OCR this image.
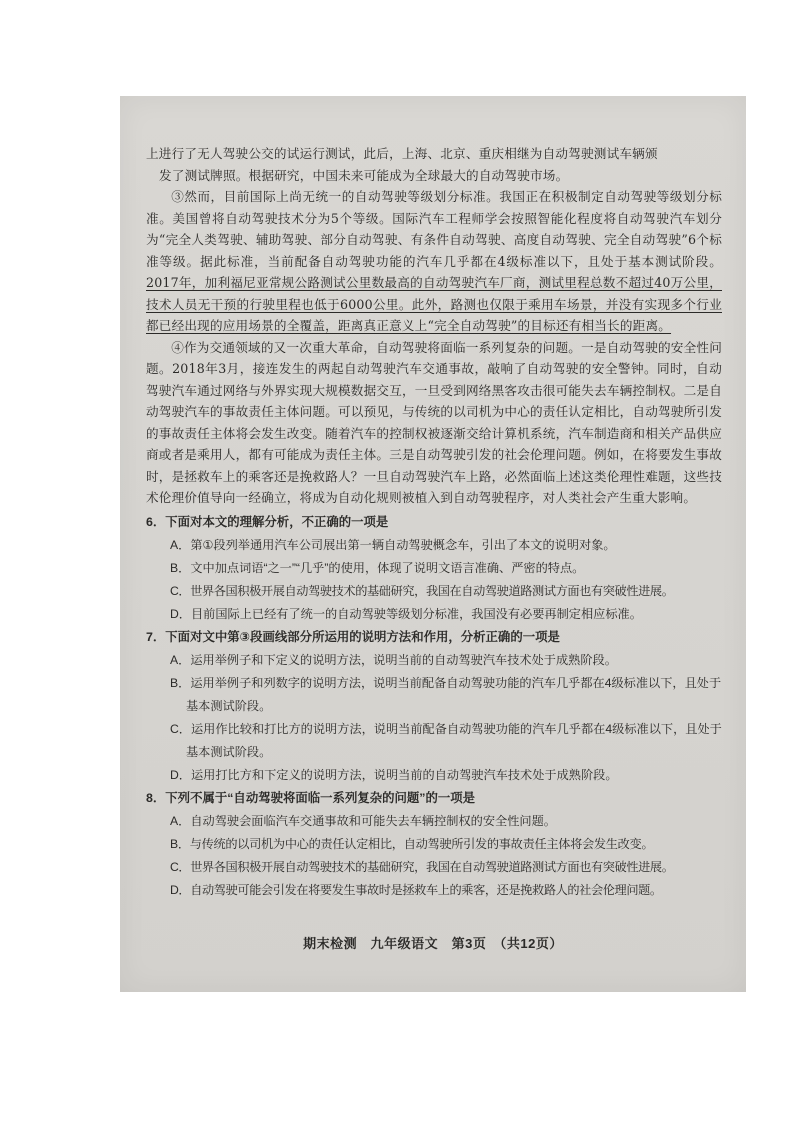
上进行了无人驾驶公交的试运行测试，此后，上海、北京、重庆相继为自动驾驶测试车辆颁

发了测试牌照。根据研究，中国未来可能成为全球最大的自动驾驶市场。

③然而，目前国际上尚无统一的自动驾驶等级划分标准。我国正在积极制定自动驾驶等级划分标准。美国曾将自动驾驶技术分为5个等级。国际汽车工程师学会按照智能化程度将自动驾驶汽车划分为“完全人类驾驶、辅助驾驶、部分自动驾驶、有条件自动驾驶、高度自动驾驶、完全自动驾驶”6个标准等级。据此标准，当前配备自动驾驶功能的汽车几乎都在4级标准以下，且处于基本测试阶段。2017年，加利福尼亚常规公路测试公里数最高的自动驾驶汽车厂商，测试里程总数不超过40万公里，技术人员无干预的行驶里程也低于6000公里。此外，路测也仅限于乘用车场景，并没有实现多个行业都已经出现的应用场景的全覆盖，距离真正意义上“完全自动驾驶”的目标还有相当长的距离。

④作为交通领域的又一次重大革命，自动驾驶将面临一系列复杂的问题。一是自动驾驶的安全性问题。2018年3月，接连发生的两起自动驾驶汽车交通事故，敲响了自动驾驶的安全警钟。同时，自动驾驶汽车通过网络与外界实现大规模数据交互，一旦受到网络黑客攻击很可能失去车辆控制权。二是自动驾驶汽车的事故责任主体问题。可以预见，与传统的以司机为中心的责任认定相比，自动驾驶所引发的事故责任主体将会发生改变。随着汽车的控制权被逐渐交给计算机系统，汽车制造商和相关产品供应商或者是乘用人，都有可能成为责任主体。三是自动驾驶引发的社会伦理问题。例如，在将要发生事故时，是拯救车上的乘客还是挽救路人？一旦自动驾驶汽车上路，必然面临上述这类伦理性难题，这些技术伦理价值导向一经确立，将成为自动化规则被植入到自动驾驶程序，对人类社会产生重大影响。

6．下面对本文的理解分析，不正确的一项是

A．第①段列举通用汽车公司展出第一辆自动驾驶概念车，引出了本文的说明对象。

B．文中加点词语“之一”“几乎”的使用，体现了说明文语言准确、严密的特点。

C．世界各国积极开展自动驾驶技术的基础研究，我国在自动驾驶道路测试方面也有突破性进展。

D．目前国际上已经有了统一的自动驾驶等级划分标准，我国没有必要再制定相应标准。

7．下面对文中第③段画线部分所运用的说明方法和作用，分析正确的一项是

A．运用举例子和下定义的说明方法，说明当前的自动驾驶汽车技术处于成熟阶段。

B．运用举例子和列数字的说明方法，说明当前配备自动驾驶功能的汽车几乎都在4级标准以下，且处于基本测试阶段。

C．运用作比较和打比方的说明方法，说明当前配备自动驾驶功能的汽车几乎都在4级标准以下，且处于基本测试阶段。

D．运用打比方和下定义的说明方法，说明当前的自动驾驶汽车技术处于成熟阶段。

8．下列不属于“自动驾驶将面临一系列复杂的问题”的一项是

A．自动驾驶会面临汽车交通事故和可能失去车辆控制权的安全性问题。

B．与传统的以司机为中心的责任认定相比，自动驾驶所引发的事故责任主体将会发生改变。

C．世界各国积极开展自动驾驶技术的基础研究，我国在自动驾驶道路测试方面也有突破性进展。

D．自动驾驶可能会引发在将要发生事故时是拯救车上的乘客，还是挽救路人的社会伦理问题。

期末检测　九年级语文　第3页　（共12页）
